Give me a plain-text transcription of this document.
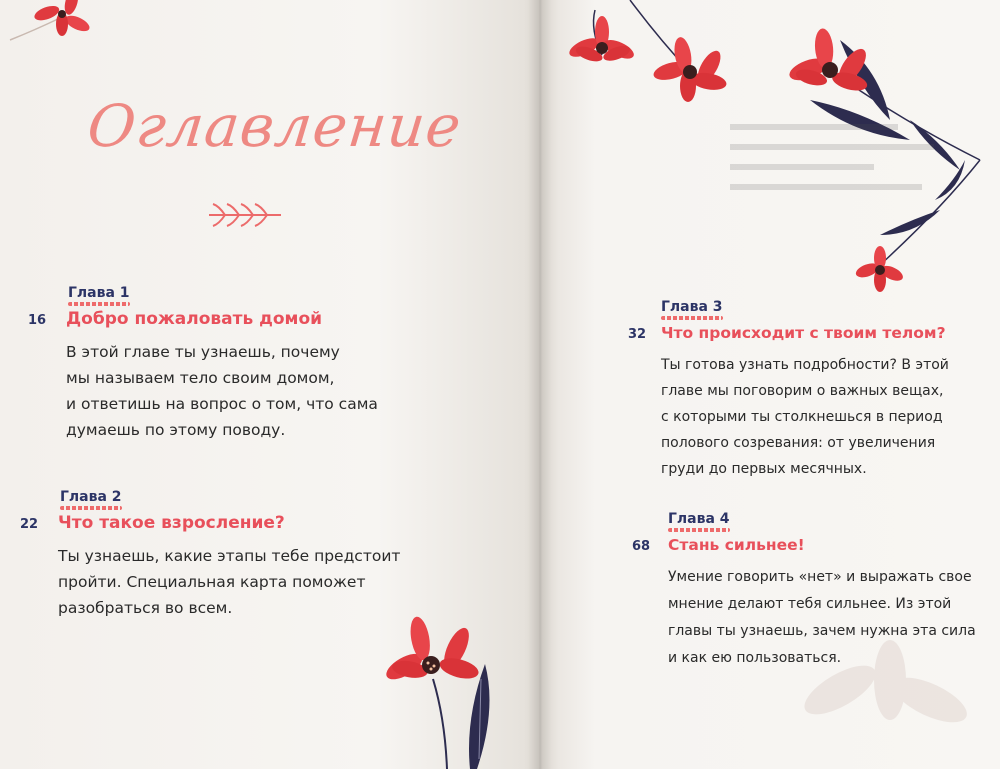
Оглавление
Глава 1
16 Добро пожаловать домой
В этой главе ты узнаешь, почему
мы называем тело своим домом,
и ответишь на вопрос о том, что сама
думаешь по этому поводу.
Глава 2
22 Что такое взросление?
Ты узнаешь, какие этапы тебе предстоит
пройти. Специальная карта поможет
разобраться во всем.
Глава 3
32 Что происходит с твоим телом?
Ты готова узнать подробности? В этой
главе мы поговорим о важных вещах,
с которыми ты столкнешься в период
полового созревания: от увеличения
груди до первых месячных.
Глава 4
68 Стань сильнее!
Умение говорить «нет» и выражать свое
мнение делают тебя сильнее. Из этой
главы ты узнаешь, зачем нужна эта сила
и как ею пользоваться.
